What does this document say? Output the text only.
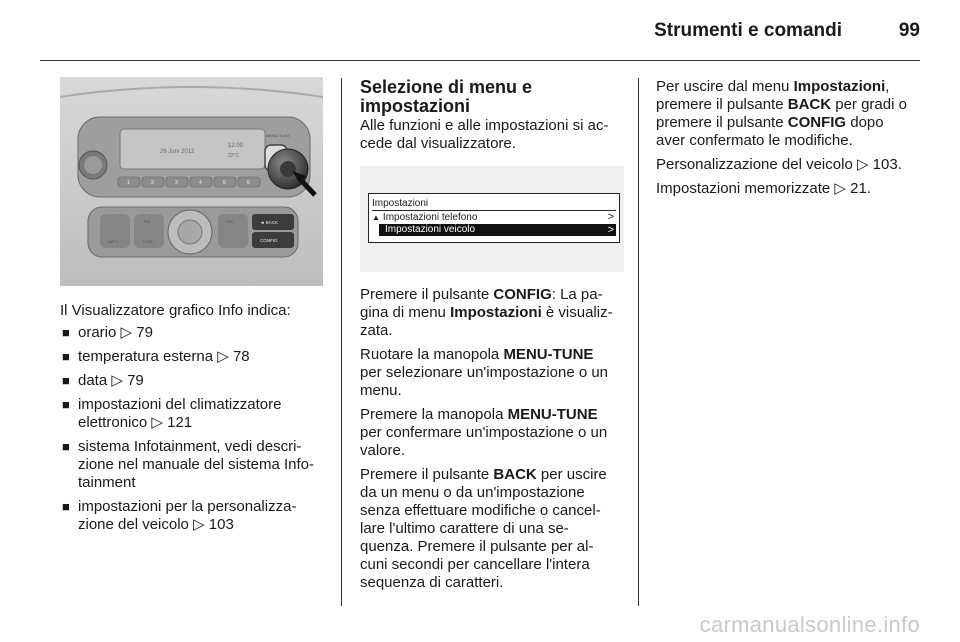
Strumenti e comandi	99
26 Juni 2012
12:00
22°C
1	2	3	4	5	6
MENU-TUNE
◄ BACK
CONFIG
INFO	TONE
FM	FAV
Il Visualizzatore grafico Info indica:
■ orario ▷ 79
■ temperatura esterna ▷ 78
■ data ▷ 79
■ impostazioni del climatizzatore
elettronico ▷ 121
■ sistema Infotainment, vedi descri-
zione nel manuale del sistema Info-
tainment
■ impostazioni per la personalizza-
zione del veicolo ▷ 103
Selezione di menu e
impostazioni
Alle funzioni e alle impostazioni si ac-
cede dal visualizzatore.
Impostazioni
▲ Impostazioni telefono	>
Impostazioni veicolo	>
Premere il pulsante CONFIG: La pa-
gina di menu Impostazioni è visualiz-
zata.
Ruotare la manopola MENU-TUNE
per selezionare un'impostazione o un
menu.
Premere la manopola MENU-TUNE
per confermare un'impostazione o un
valore.
Premere il pulsante BACK per uscire
da un menu o da un'impostazione
senza effettuare modifiche o cancel-
lare l'ultimo carattere di una se-
quenza. Premere il pulsante per al-
cuni secondi per cancellare l'intera
sequenza di caratteri.
Per uscire dal menu Impostazioni,
premere il pulsante BACK per gradi o
premere il pulsante CONFIG dopo
aver confermato le modifiche.
Personalizzazione del veicolo ▷ 103.
Impostazioni memorizzate ▷ 21.
carmanualsonline.info
